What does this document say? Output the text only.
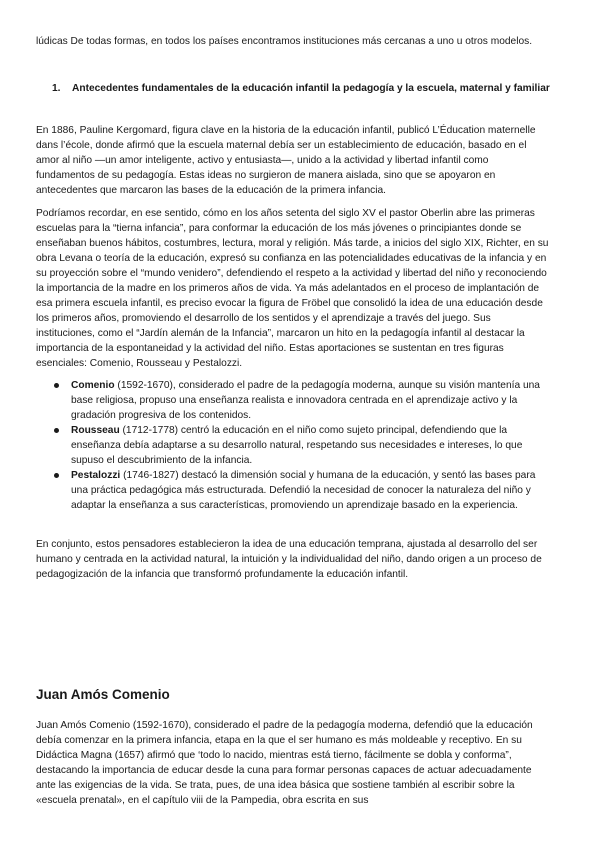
lúdicas De todas formas, en todos los países encontramos instituciones más cercanas a uno u otros modelos.

1. Antecedentes fundamentales de la educación infantil la pedagogía y la escuela, maternal y familiar

En 1886, Pauline Kergomard, figura clave en la historia de la educación infantil, publicó L’Éducation maternelle dans l’école, donde afirmó que la escuela maternal debía ser un establecimiento de educación, basado en el amor al niño —un amor inteligente, activo y entusiasta—, unido a la actividad y libertad infantil como fundamentos de su pedagogía. Estas ideas no surgieron de manera aislada, sino que se apoyaron en antecedentes que marcaron las bases de la educación de la primera infancia.

Podríamos recordar, en ese sentido, cómo en los años setenta del siglo XV el pastor Oberlin abre las primeras escuelas para la “tierna infancia”, para conformar la educación de los más jóvenes o principiantes donde se enseñaban buenos hábitos, costumbres, lectura, moral y religión. Más tarde, a inicios del siglo XIX, Richter, en su obra Levana o teoría de la educación, expresó su confianza en las potencialidades educativas de la infancia y en su proyección sobre el “mundo venidero”, defendiendo el respeto a la actividad y libertad del niño y reconociendo la importancia de la madre en los primeros años de vida. Ya más adelantados en el proceso de implantación de esa primera escuela infantil, es preciso evocar la figura de Fröbel que consolidó la idea de una educación desde los primeros años, promoviendo el desarrollo de los sentidos y el aprendizaje a través del juego. Sus instituciones, como el “Jardín alemán de la Infancia”, marcaron un hito en la pedagogía infantil al destacar la importancia de la espontaneidad y la actividad del niño. Estas aportaciones se sustentan en tres figuras esenciales: Comenio, Rousseau y Pestalozzi.

Comenio (1592-1670), considerado el padre de la pedagogía moderna, aunque su visión mantenía una base religiosa, propuso una enseñanza realista e innovadora centrada en el aprendizaje activo y la gradación progresiva de los contenidos.
Rousseau (1712-1778) centró la educación en el niño como sujeto principal, defendiendo que la enseñanza debía adaptarse a su desarrollo natural, respetando sus necesidades e intereses, lo que supuso el descubrimiento de la infancia.
Pestalozzi (1746-1827) destacó la dimensión social y humana de la educación, y sentó las bases para una práctica pedagógica más estructurada. Defendió la necesidad de conocer la naturaleza del niño y adaptar la enseñanza a sus características, promoviendo un aprendizaje basado en la experiencia.

En conjunto, estos pensadores establecieron la idea de una educación temprana, ajustada al desarrollo del ser humano y centrada en la actividad natural, la intuición y la individualidad del niño, dando origen a un proceso de pedagogización de la infancia que transformó profundamente la educación infantil.

Juan Amós Comenio

Juan Amós Comenio (1592-1670), considerado el padre de la pedagogía moderna, defendió que la educación debía comenzar en la primera infancia, etapa en la que el ser humano es más moldeable y receptivo. En su Didáctica Magna (1657) afirmó que ‘todo lo nacido, mientras está tierno, fácilmente se dobla y conforma”, destacando la importancia de educar desde la cuna para formar personas capaces de actuar adecuadamente ante las exigencias de la vida. Se trata, pues, de una idea básica que sostiene también al escribir sobre la «escuela prenatal», en el capítulo viii de la Pampedia, obra escrita en sus
